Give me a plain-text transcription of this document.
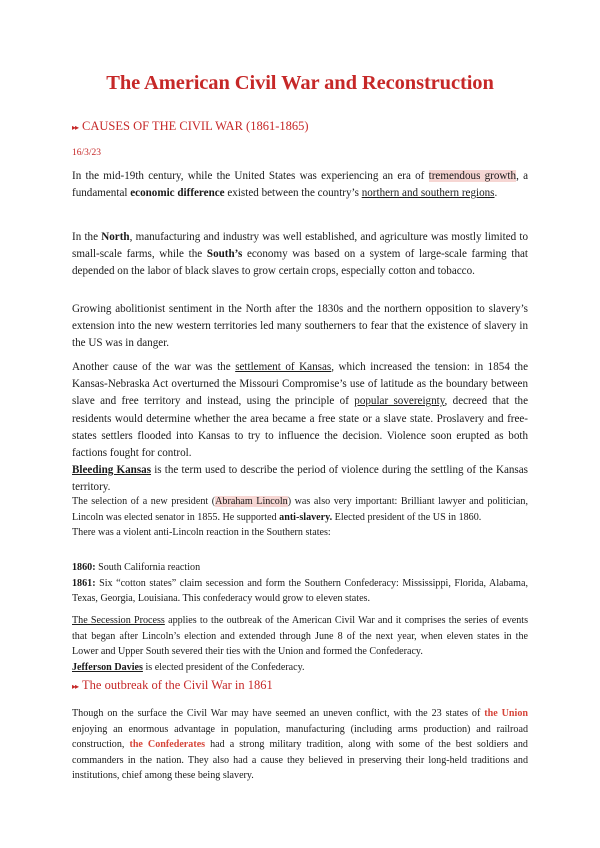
The American Civil War and Reconstruction
▸▸ CAUSES OF THE CIVIL WAR (1861-1865)
16/3/23
In the mid-19th century, while the United States was experiencing an era of tremendous growth, a fundamental economic difference existed between the country’s northern and southern regions.
In the North, manufacturing and industry was well established, and agriculture was mostly limited to small-scale farms, while the South’s economy was based on a system of large-scale farming that depended on the labor of black slaves to grow certain crops, especially cotton and tobacco.
Growing abolitionist sentiment in the North after the 1830s and the northern opposition to slavery’s extension into the new western territories led many southerners to fear that the existence of slavery in the US was in danger.
Another cause of the war was the settlement of Kansas, which increased the tension: in 1854 the Kansas-Nebraska Act overturned the Missouri Compromise’s use of latitude as the boundary between slave and free territory and instead, using the principle of popular sovereignty, decreed that the residents would determine whether the area became a free state or a slave state. Proslavery and free-states settlers flooded into Kansas to try to influence the decision. Violence soon erupted as both factions fought for control.
Bleeding Kansas is the term used to describe the period of violence during the settling of the Kansas territory.
The selection of a new president (Abraham Lincoln) was also very important: Brilliant lawyer and politician, Lincoln was elected senator in 1855. He supported anti-slavery. Elected president of the US in 1860.
There was a violent anti-Lincoln reaction in the Southern states:
1860: South California reaction
1861: Six “cotton states” claim secession and form the Southern Confederacy: Mississippi, Florida, Alabama, Texas, Georgia, Louisiana. This confederacy would grow to eleven states.
The Secession Process applies to the outbreak of the American Civil War and it comprises the series of events that began after Lincoln’s election and extended through June 8 of the next year, when eleven states in the Lower and Upper South severed their ties with the Union and formed the Confederacy.
Jefferson Davies is elected president of the Confederacy.
▸▸ The outbreak of the Civil War in 1861
Though on the surface the Civil War may have seemed an uneven conflict, with the 23 states of the Union enjoying an enormous advantage in population, manufacturing (including arms production) and railroad construction, the Confederates had a strong military tradition, along with some of the best soldiers and commanders in the nation. They also had a cause they believed in preserving their long-held traditions and institutions, chief among these being slavery.
